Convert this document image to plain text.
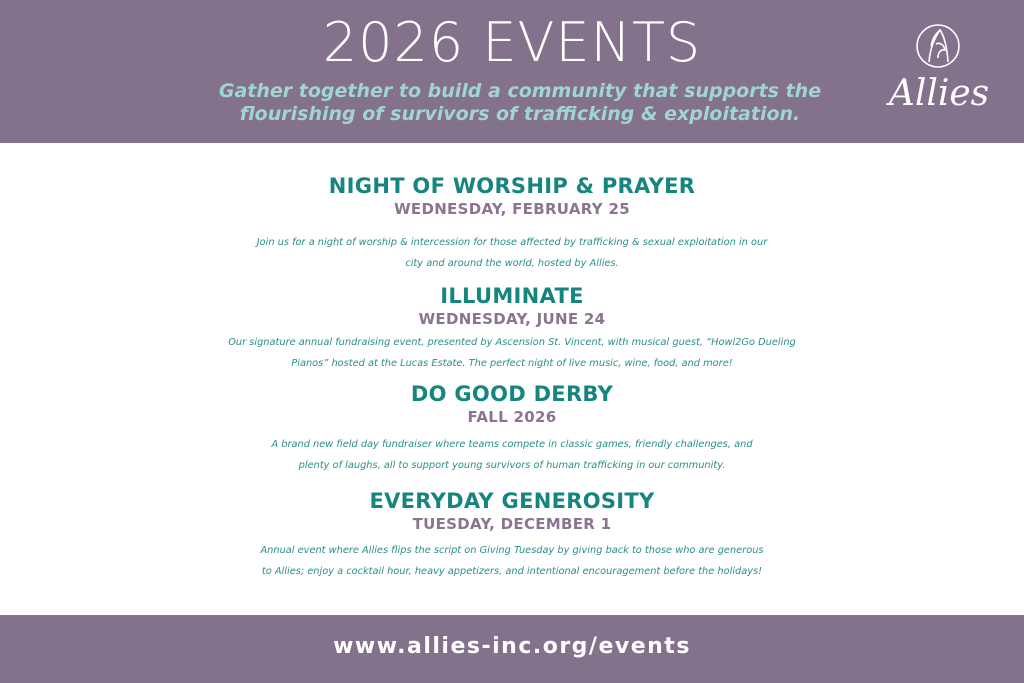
2026 EVENTS
Gather together to build a community that supports the
flourishing of survivors of trafficking & exploitation.	Allies
NIGHT OF WORSHIP & PRAYER
WEDNESDAY, FEBRUARY 25
Join us for a night of worship & intercession for those affected by trafficking & sexual exploitation in our
city and around the world, hosted by Allies.
ILLUMINATE
WEDNESDAY, JUNE 24
Our signature annual fundraising event, presented by Ascension St. Vincent, with musical guest, “Howl2Go Dueling
Pianos” hosted at the Lucas Estate. The perfect night of live music, wine, food, and more!
DO GOOD DERBY
FALL 2026
A brand new field day fundraiser where teams compete in classic games, friendly challenges, and
plenty of laughs, all to support young survivors of human trafficking in our community.
EVERYDAY GENEROSITY
TUESDAY, DECEMBER 1
Annual event where Allies flips the script on Giving Tuesday by giving back to those who are generous
to Allies; enjoy a cocktail hour, heavy appetizers, and intentional encouragement before the holidays!
www.allies-inc.org/events
